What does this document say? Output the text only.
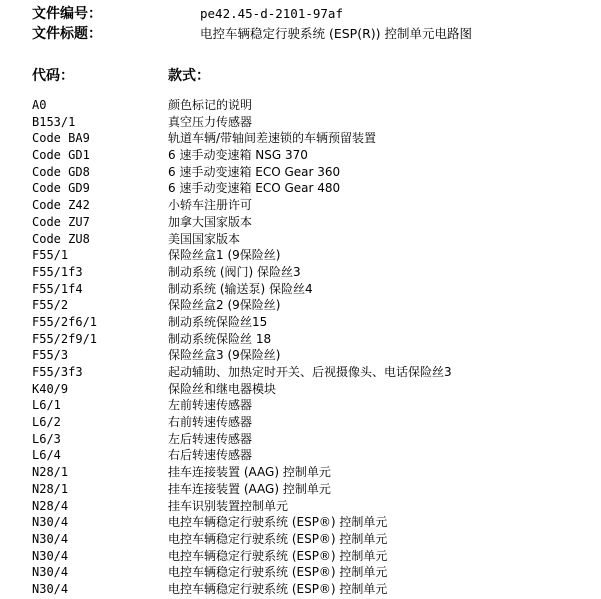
文件编号：	pe42.45-d-2101-97af
文件标题：	电控车辆稳定行驶系统 (ESP(R)) 控制单元电路图
代码：	款式：
A0	颜色标记的说明
B153/1	真空压力传感器
Code BA9	轨道车辆/带轴间差速锁的车辆预留装置
Code GD1	6 速手动变速箱 NSG 370
Code GD8	6 速手动变速箱 ECO Gear 360
Code GD9	6 速手动变速箱 ECO Gear 480
Code Z42	小轿车注册许可
Code ZU7	加拿大国家版本
Code ZU8	美国国家版本
F55/1	保险丝盒1 (9保险丝)
F55/1f3	制动系统 (阀门) 保险丝3
F55/1f4	制动系统 (输送泵) 保险丝4
F55/2	保险丝盒2 (9保险丝)
F55/2f6/1	制动系统保险丝15
F55/2f9/1	制动系统保险丝 18
F55/3	保险丝盒3 (9保险丝)
F55/3f3	起动辅助、加热定时开关、后视摄像头、电话保险丝3
K40/9	保险丝和继电器模块
L6/1	左前转速传感器
L6/2	右前转速传感器
L6/3	左后转速传感器
L6/4	右后转速传感器
N28/1	挂车连接装置 (AAG) 控制单元
N28/1	挂车连接装置 (AAG) 控制单元
N28/4	挂车识别装置控制单元
N30/4	电控车辆稳定行驶系统 (ESP®) 控制单元
N30/4	电控车辆稳定行驶系统 (ESP®) 控制单元
N30/4	电控车辆稳定行驶系统 (ESP®) 控制单元
N30/4	电控车辆稳定行驶系统 (ESP®) 控制单元
N30/4	电控车辆稳定行驶系统 (ESP®) 控制单元
